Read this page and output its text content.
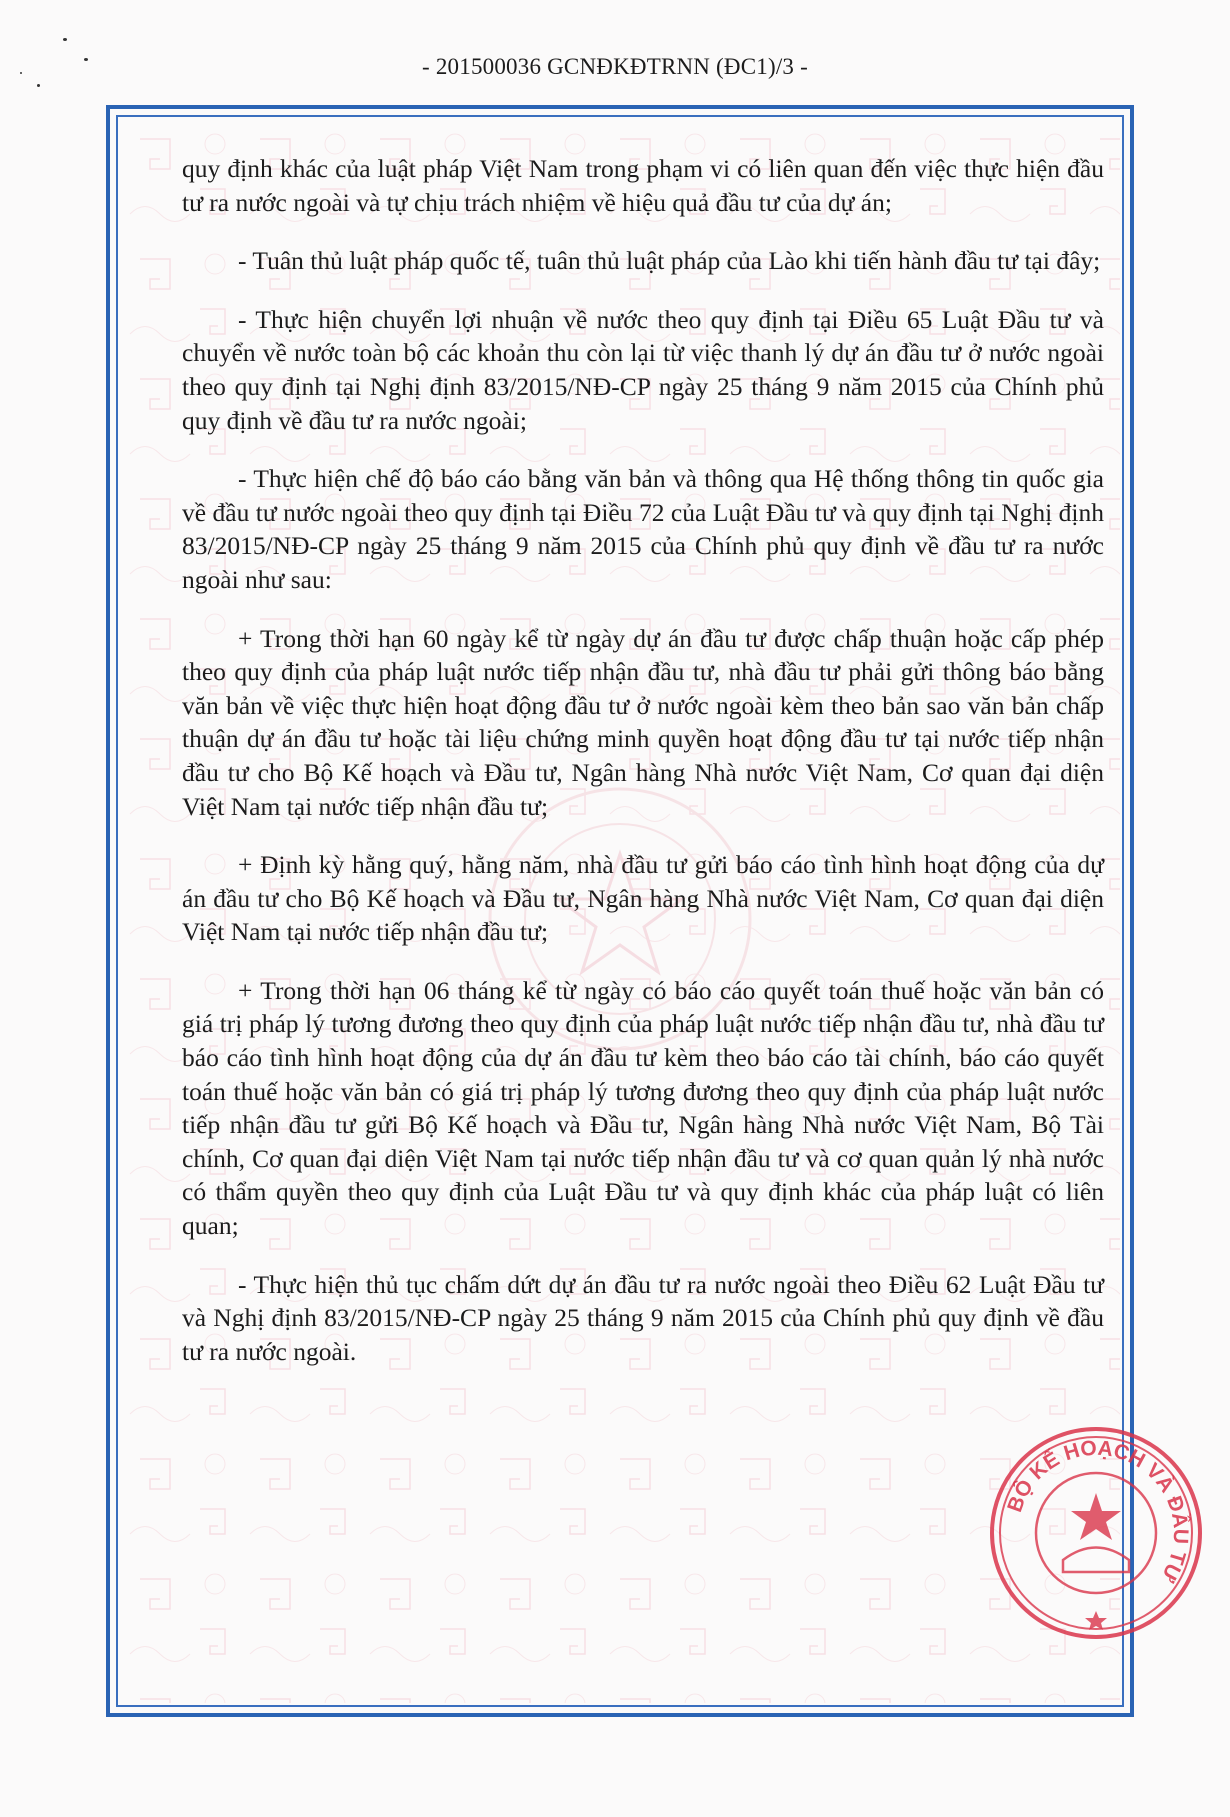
- 201500036 GCNĐKĐTRNN (ĐC1)/3 -

quy định khác của luật pháp Việt Nam trong phạm vi có liên quan đến việc thực hiện đầu tư ra nước ngoài và tự chịu trách nhiệm về hiệu quả đầu tư của dự án;

- Tuân thủ luật pháp quốc tế, tuân thủ luật pháp của Lào khi tiến hành đầu tư tại đây;

- Thực hiện chuyển lợi nhuận về nước theo quy định tại Điều 65 Luật Đầu tư và chuyển về nước toàn bộ các khoản thu còn lại từ việc thanh lý dự án đầu tư ở nước ngoài theo quy định tại Nghị định 83/2015/NĐ-CP ngày 25 tháng 9 năm 2015 của Chính phủ quy định về đầu tư ra nước ngoài;

- Thực hiện chế độ báo cáo bằng văn bản và thông qua Hệ thống thông tin quốc gia về đầu tư nước ngoài theo quy định tại Điều 72 của Luật Đầu tư và quy định tại Nghị định 83/2015/NĐ-CP ngày 25 tháng 9 năm 2015 của Chính phủ quy định về đầu tư ra nước ngoài như sau:

+ Trong thời hạn 60 ngày kể từ ngày dự án đầu tư được chấp thuận hoặc cấp phép theo quy định của pháp luật nước tiếp nhận đầu tư, nhà đầu tư phải gửi thông báo bằng văn bản về việc thực hiện hoạt động đầu tư ở nước ngoài kèm theo bản sao văn bản chấp thuận dự án đầu tư hoặc tài liệu chứng minh quyền hoạt động đầu tư tại nước tiếp nhận đầu tư cho Bộ Kế hoạch và Đầu tư, Ngân hàng Nhà nước Việt Nam, Cơ quan đại diện Việt Nam tại nước tiếp nhận đầu tư;

+ Định kỳ hằng quý, hằng năm, nhà đầu tư gửi báo cáo tình hình hoạt động của dự án đầu tư cho Bộ Kế hoạch và Đầu tư, Ngân hàng Nhà nước Việt Nam, Cơ quan đại diện Việt Nam tại nước tiếp nhận đầu tư;

+ Trong thời hạn 06 tháng kể từ ngày có báo cáo quyết toán thuế hoặc văn bản có giá trị pháp lý tương đương theo quy định của pháp luật nước tiếp nhận đầu tư, nhà đầu tư báo cáo tình hình hoạt động của dự án đầu tư kèm theo báo cáo tài chính, báo cáo quyết toán thuế hoặc văn bản có giá trị pháp lý tương đương theo quy định của pháp luật nước tiếp nhận đầu tư gửi Bộ Kế hoạch và Đầu tư, Ngân hàng Nhà nước Việt Nam, Bộ Tài chính, Cơ quan đại diện Việt Nam tại nước tiếp nhận đầu tư và cơ quan quản lý nhà nước có thẩm quyền theo quy định của Luật Đầu tư và quy định khác của pháp luật có liên quan;

- Thực hiện thủ tục chấm dứt dự án đầu tư ra nước ngoài theo Điều 62 Luật Đầu tư và Nghị định 83/2015/NĐ-CP ngày 25 tháng 9 năm 2015 của Chính phủ quy định về đầu tư ra nước ngoài.

BỘ KẾ HOẠCH VÀ ĐẦU TƯ
